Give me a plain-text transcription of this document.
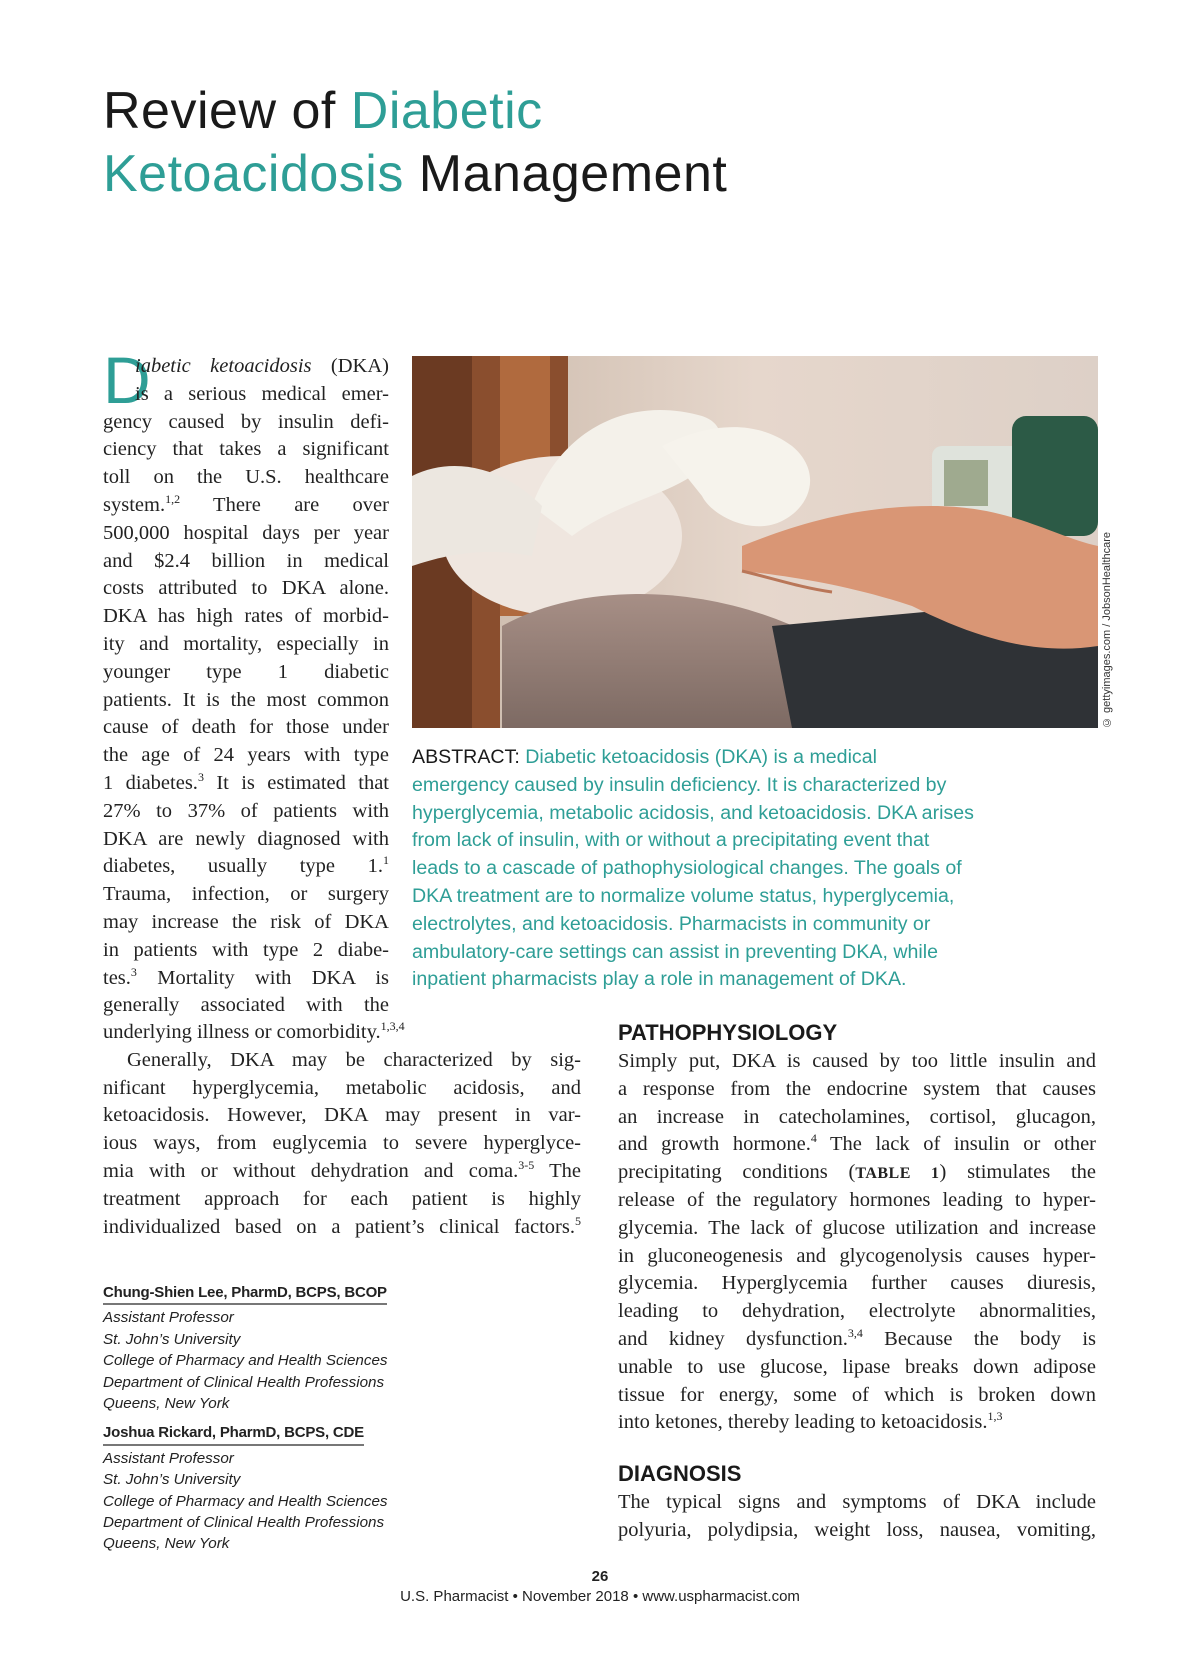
Review of Diabetic
Ketoacidosis Management
D
iabetic ketoacidosis (DKA)
is a serious medical emer-
gency caused by insulin defi-
ciency that takes a significant
toll on the U.S. healthcare
system.$^{1,2}$ There are over
500,000 hospital days per year
and $2.4 billion in medical
costs attributed to DKA alone.
DKA has high rates of morbid-
ity and mortality, especially in
younger type 1 diabetic
patients. It is the most common
cause of death for those under
the age of 24 years with type
1 diabetes.$^3$ It is estimated that
27% to 37% of patients with
DKA are newly diagnosed with
diabetes, usually type 1.$^1$
Trauma, infection, or surgery
may increase the risk of DKA
in patients with type 2 diabe-
tes.$^3$ Mortality with DKA is
generally associated with the
underlying illness or comorbidity.$^{1,3,4}$
Generally, DKA may be characterized by sig-
nificant hyperglycemia, metabolic acidosis, and
ketoacidosis. However, DKA may present in var-
ious ways, from euglycemia to severe hyperglyce-
mia with or without dehydration and coma.$^{3-5}$ The
treatment approach for each patient is highly
individualized based on a patient’s clinical factors.$^5$
© gettyimages.com / JobsonHealthcare
ABSTRACT: Diabetic ketoacidosis (DKA) is a medical
emergency caused by insulin deficiency. It is characterized by
hyperglycemia, metabolic acidosis, and ketoacidosis. DKA arises
from lack of insulin, with or without a precipitating event that
leads to a cascade of pathophysiological changes. The goals of
DKA treatment are to normalize volume status, hyperglycemia,
electrolytes, and ketoacidosis. Pharmacists in community or
ambulatory-care settings can assist in preventing DKA, while
inpatient pharmacists play a role in management of DKA.
PATHOPHYSIOLOGY
Simply put, DKA is caused by too little insulin and
a response from the endocrine system that causes
an increase in catecholamines, cortisol, glucagon,
and growth hormone.$^4$ The lack of insulin or other
precipitating conditions (TABLE 1) stimulates the
release of the regulatory hormones leading to hyper-
glycemia. The lack of glucose utilization and increase
in gluconeogenesis and glycogenolysis causes hyper-
glycemia. Hyperglycemia further causes diuresis,
leading to dehydration, electrolyte abnormalities,
and kidney dysfunction.$^{3,4}$ Because the body is
unable to use glucose, lipase breaks down adipose
tissue for energy, some of which is broken down
into ketones, thereby leading to ketoacidosis.$^{1,3}$
DIAGNOSIS
The typical signs and symptoms of DKA include
polyuria, polydipsia, weight loss, nausea, vomiting,
Chung-Shien Lee, PharmD, BCPS, BCOP
Assistant Professor
St. John’s University
College of Pharmacy and Health Sciences
Department of Clinical Health Professions
Queens, New York
Joshua Rickard, PharmD, BCPS, CDE
Assistant Professor
St. John’s University
College of Pharmacy and Health Sciences
Department of Clinical Health Professions
Queens, New York
26
U.S. Pharmacist • November 2018 • www.uspharmacist.com
